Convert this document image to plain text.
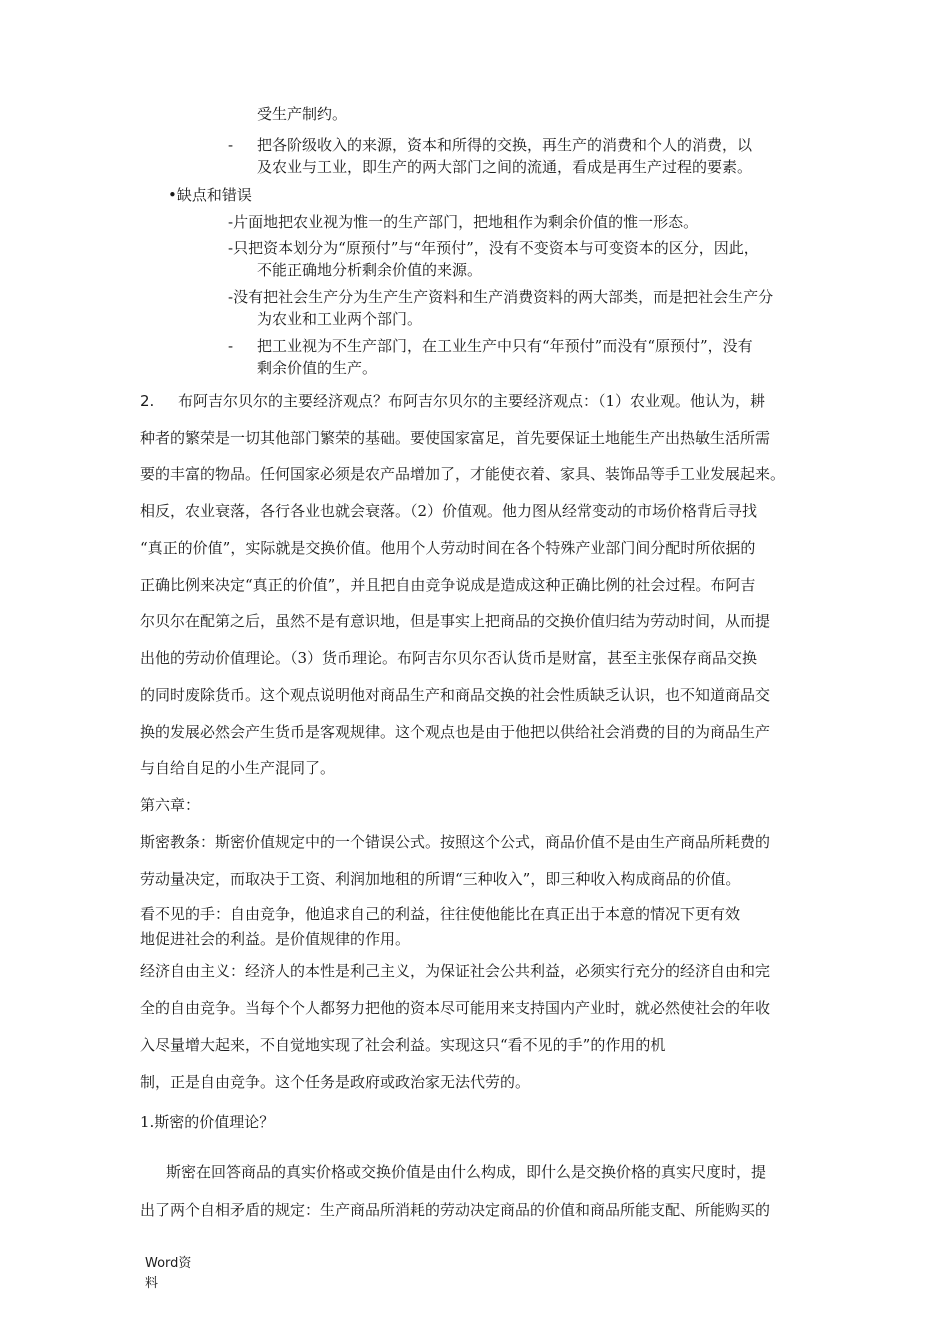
受生产制约。
- 把各阶级收入的来源，资本和所得的交换，再生产的消费和个人的消费，以
及农业与工业，即生产的两大部门之间的流通，看成是再生产过程的要素。
•缺点和错误
-片面地把农业视为惟一的生产部门，把地租作为剩余价值的惟一形态。
-只把资本划分为“原预付”与“年预付”，没有不变资本与可变资本的区分，因此，
不能正确地分析剩余价值的来源。
-没有把社会生产分为生产生产资料和生产消费资料的两大部类，而是把社会生产分
为农业和工业两个部门。
- 把工业视为不生产部门，在工业生产中只有“年预付”而没有“原预付”，没有
剩余价值的生产。
2. 布阿吉尔贝尔的主要经济观点？布阿吉尔贝尔的主要经济观点：（1）农业观。他认为，耕
种者的繁荣是一切其他部门繁荣的基础。要使国家富足，首先要保证土地能生产出热敏生活所需
要的丰富的物品。任何国家必须是农产品增加了，才能使衣着、家具、装饰品等手工业发展起来。
相反，农业衰落，各行各业也就会衰落。（2）价值观。他力图从经常变动的市场价格背后寻找
“真正的价值”，实际就是交换价值。他用个人劳动时间在各个特殊产业部门间分配时所依据的
正确比例来决定“真正的价值”，并且把自由竞争说成是造成这种正确比例的社会过程。布阿吉
尔贝尔在配第之后，虽然不是有意识地，但是事实上把商品的交换价值归结为劳动时间，从而提
出他的劳动价值理论。（3）货币理论。布阿吉尔贝尔否认货币是财富，甚至主张保存商品交换
的同时废除货币。这个观点说明他对商品生产和商品交换的社会性质缺乏认识，也不知道商品交
换的发展必然会产生货币是客观规律。这个观点也是由于他把以供给社会消费的目的为商品生产
与自给自足的小生产混同了。
第六章：
斯密教条：斯密价值规定中的一个错误公式。按照这个公式，商品价值不是由生产商品所耗费的
劳动量决定，而取决于工资、利润加地租的所谓“三种收入”，即三种收入构成商品的价值。
看不见的手：自由竞争，他追求自己的利益，往往使他能比在真正出于本意的情况下更有效
地促进社会的利益。是价值规律的作用。
经济自由主义：经济人的本性是利己主义，为保证社会公共利益，必须实行充分的经济自由和完
全的自由竞争。当每个个人都努力把他的资本尽可能用来支持国内产业时，就必然使社会的年收
入尽量增大起来，不自觉地实现了社会利益。实现这只“看不见的手”的作用的机
制，正是自由竞争。这个任务是政府或政治家无法代劳的。
1.斯密的价值理论？
斯密在回答商品的真实价格或交换价值是由什么构成，即什么是交换价格的真实尺度时，提
出了两个自相矛盾的规定：生产商品所消耗的劳动决定商品的价值和商品所能支配、所能购买的
Word资
料
